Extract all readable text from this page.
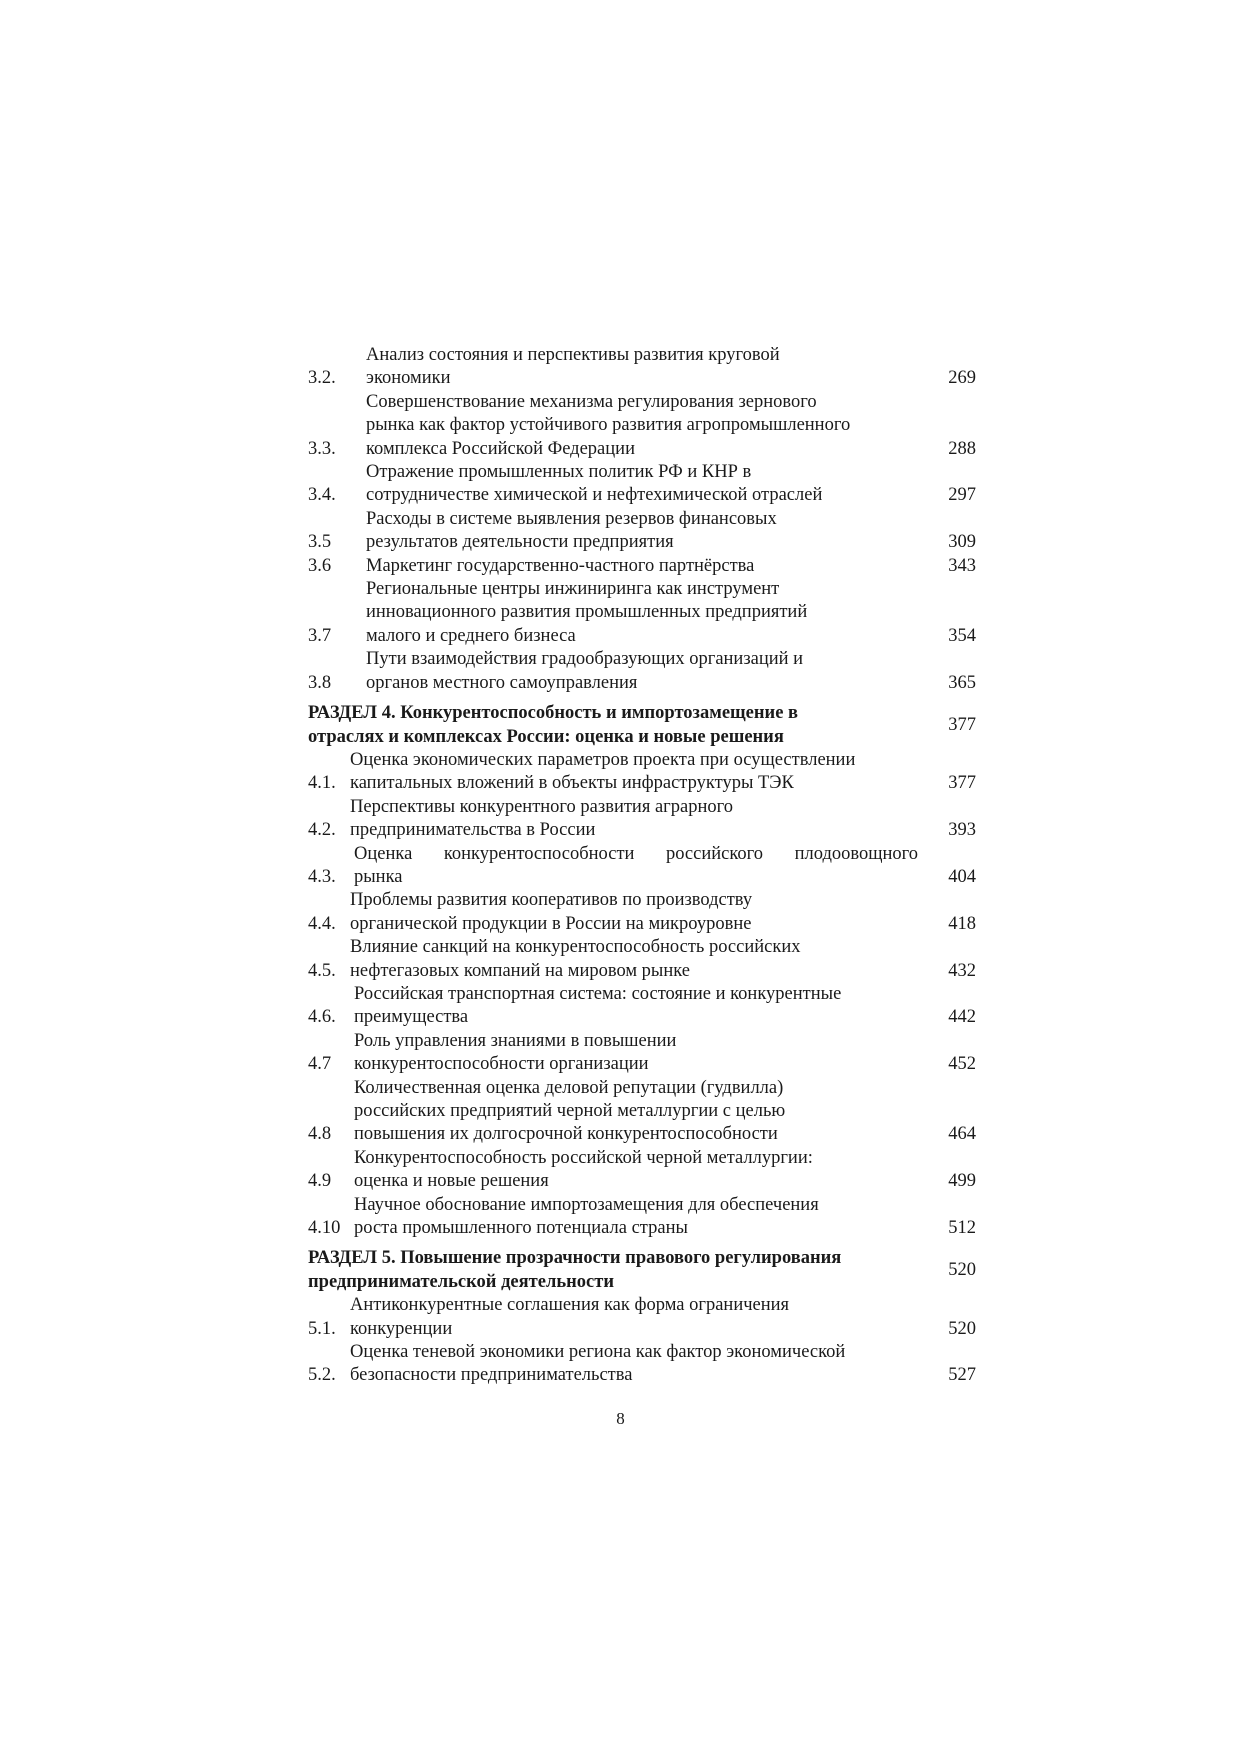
3.2.
Анализ состояния и перспективы развития круговой
экономики	269
3.3.
Совершенствование механизма регулирования зернового
рынка как фактор устойчивого развития агропромышленного
комплекса Российской Федерации	288
3.4.
Отражение промышленных политик РФ и КНР в
сотрудничестве химической и нефтехимической отраслей	297
3.5
Расходы в системе выявления резервов финансовых
результатов деятельности предприятия	309
3.6	Маркетинг государственно-частного партнёрства	343
3.7
Региональные центры инжиниринга как инструмент
инновационного развития промышленных предприятий
малого и среднего бизнеса	354
3.8
Пути взаимодействия градообразующих организаций и
органов местного самоуправления	365
РАЗДЕЛ 4. Конкурентоспособность и импортозамещение в
отраслях и комплексах России: оценка и новые решения
377
4.1.
Оценка экономических параметров проекта при осуществлении
капитальных вложений в объекты инфраструктуры ТЭК	377
4.2.
Перспективы конкурентного развития аграрного
предпринимательства в России	393
4.3.
Оценка конкурентоспособности российского плодоовощного
рынка	404
4.4.
Проблемы развития кооперативов по производству
органической продукции в России на микроуровне	418
4.5.
Влияние санкций на конкурентоспособность российских
нефтегазовых компаний на мировом рынке	432
4.6.
Российская транспортная система: состояние и конкурентные
преимущества	442
4.7
Роль управления знаниями в повышении
конкурентоспособности организации	452
4.8
Количественная оценка деловой репутации (гудвилла)
российских предприятий черной металлургии с целью
повышения их долгосрочной конкурентоспособности	464
4.9
Конкурентоспособность российской черной металлургии:
оценка и новые решения	499
4.10
Научное обоснование импортозамещения для обеспечения
роста промышленного потенциала страны	512
РАЗДЕЛ 5. Повышение прозрачности правового регулирования
предпринимательской деятельности
520
5.1.
Антиконкурентные соглашения как форма ограничения
конкуренции	520
5.2.
Оценка теневой экономики региона как фактор экономической
безопасности предпринимательства	527
8
